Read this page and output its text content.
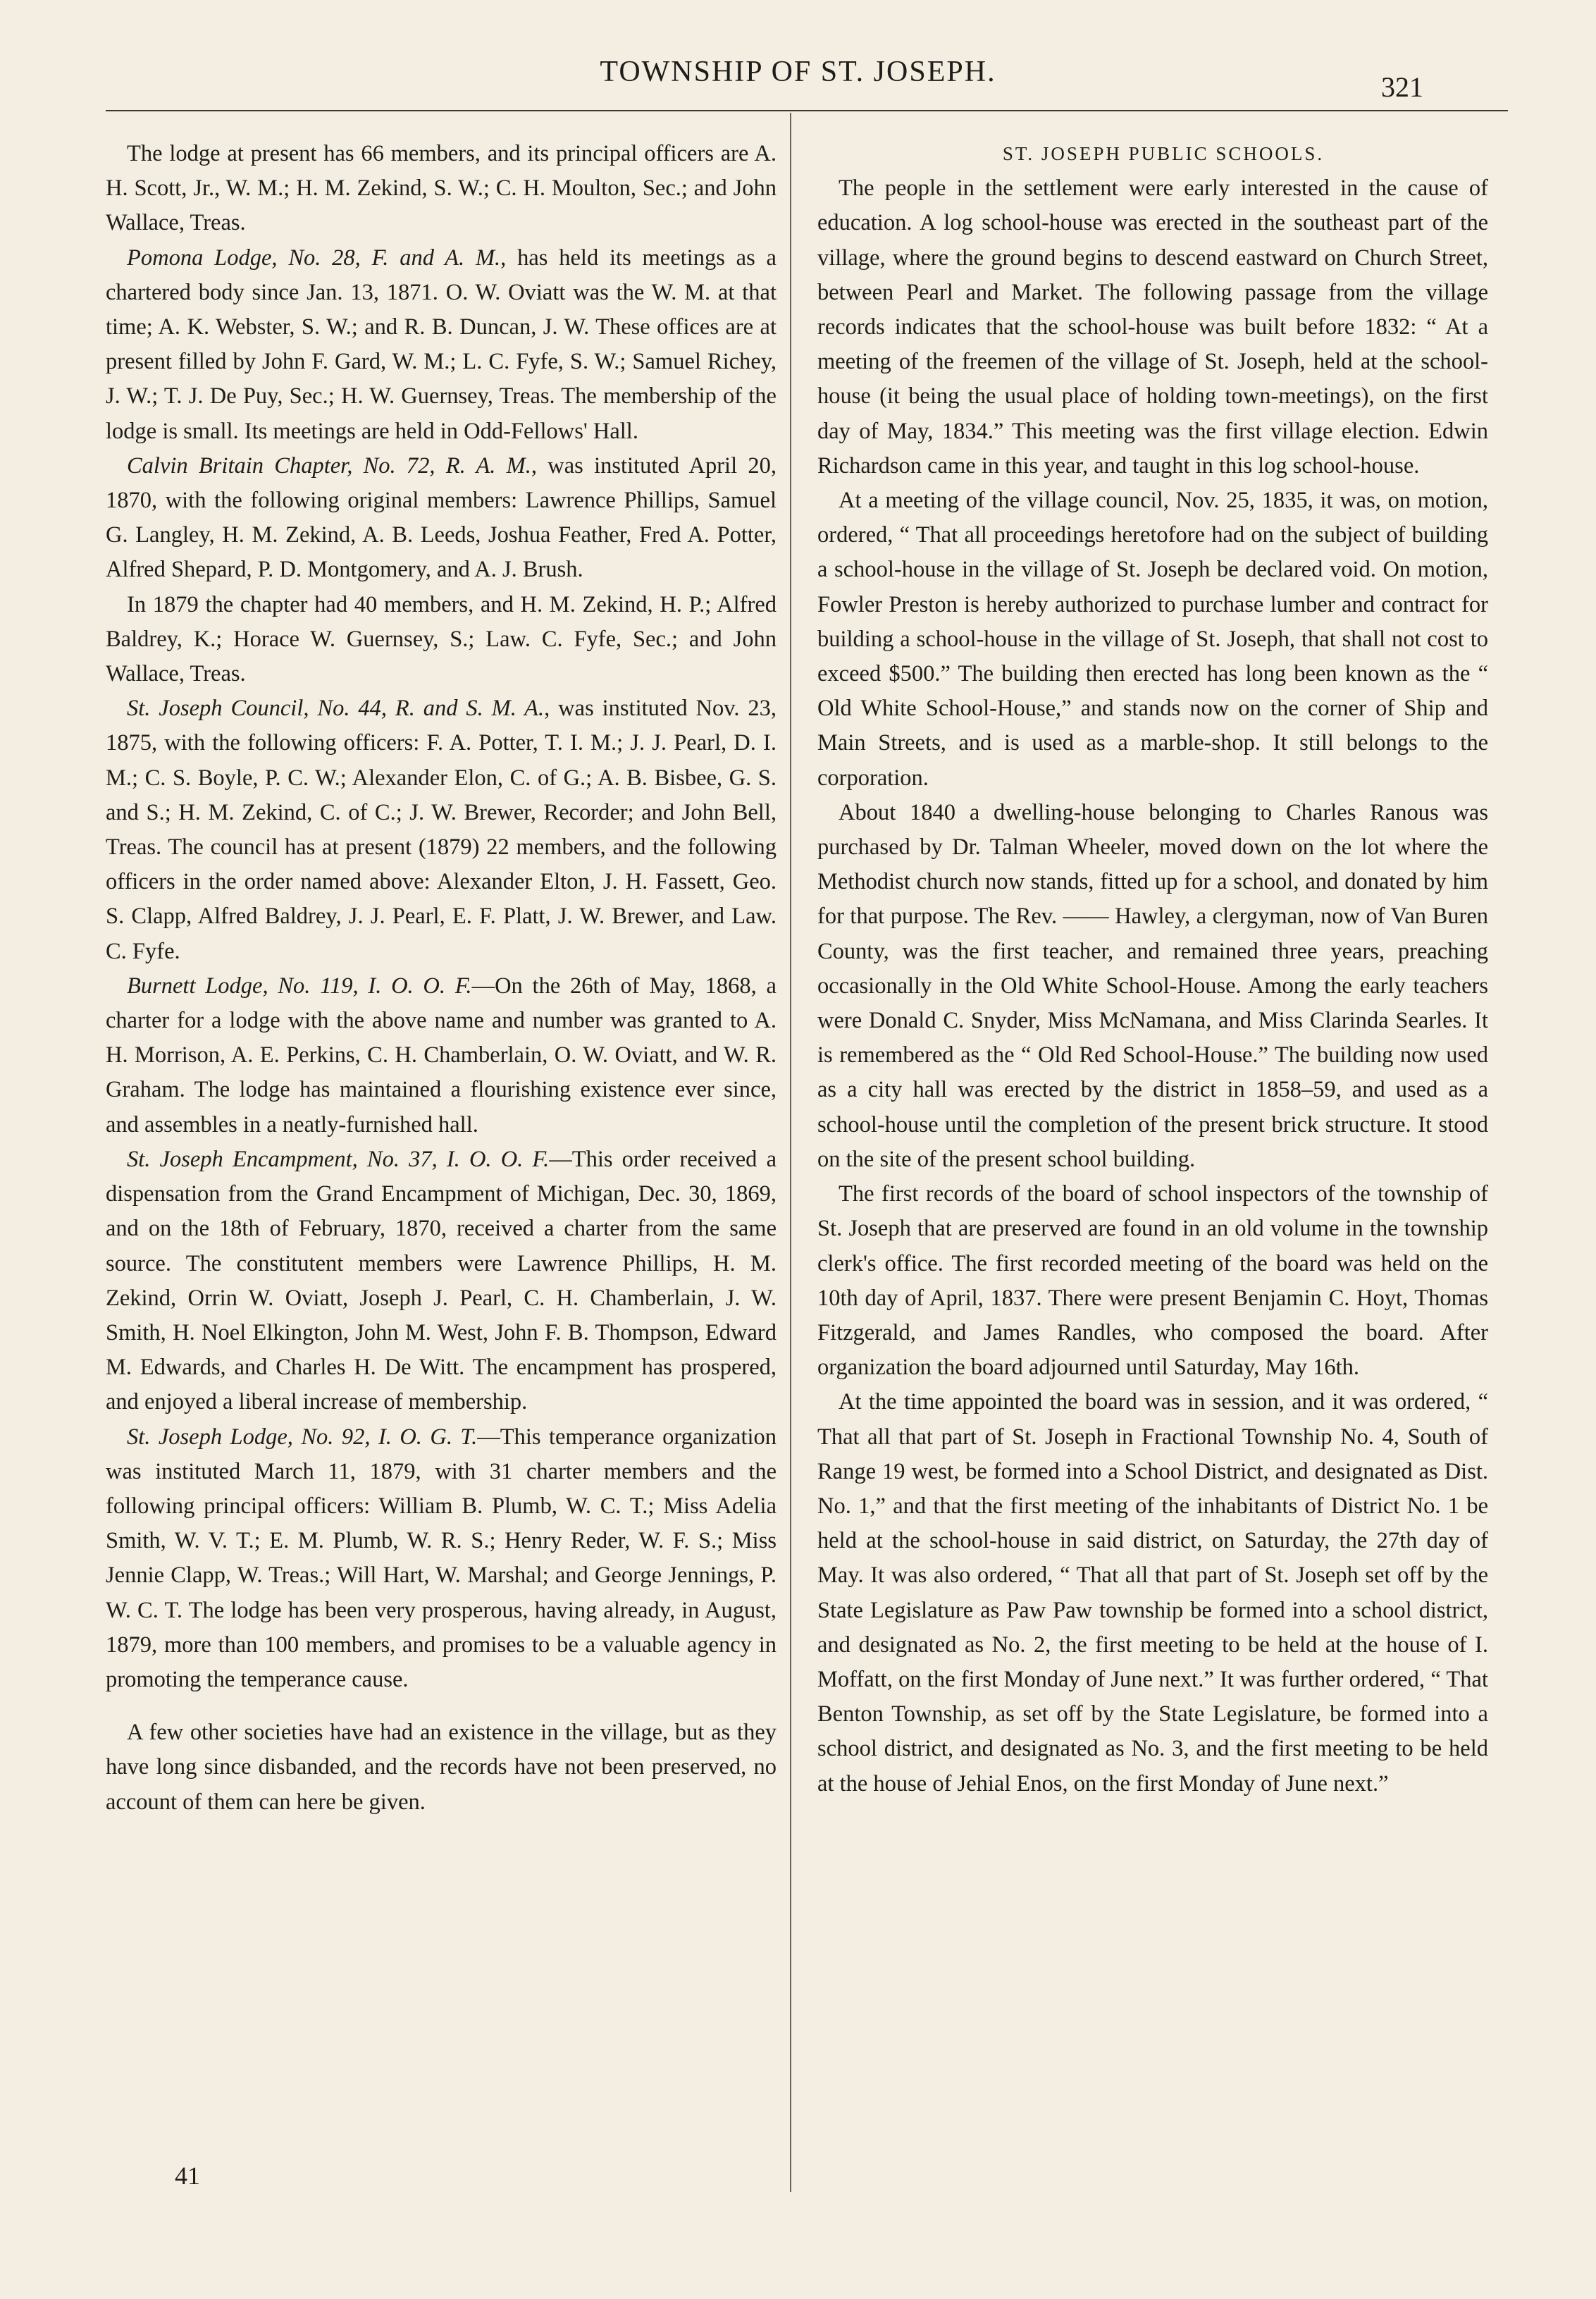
TOWNSHIP OF ST. JOSEPH.	321

The lodge at present has 66 members, and its principal officers are A. H. Scott, Jr., W. M.; H. M. Zekind, S. W.; C. H. Moulton, Sec.; and John Wallace, Treas.

Pomona Lodge, No. 28, F. and A. M., has held its meetings as a chartered body since Jan. 13, 1871. O. W. Oviatt was the W. M. at that time; A. K. Webster, S. W.; and R. B. Duncan, J. W. These offices are at present filled by John F. Gard, W. M.; L. C. Fyfe, S. W.; Samuel Richey, J. W.; T. J. De Puy, Sec.; H. W. Guernsey, Treas. The membership of the lodge is small. Its meetings are held in Odd-Fellows' Hall.

Calvin Britain Chapter, No. 72, R. A. M., was instituted April 20, 1870, with the following original members: Lawrence Phillips, Samuel G. Langley, H. M. Zekind, A. B. Leeds, Joshua Feather, Fred A. Potter, Alfred Shepard, P. D. Montgomery, and A. J. Brush.

In 1879 the chapter had 40 members, and H. M. Zekind, H. P.; Alfred Baldrey, K.; Horace W. Guernsey, S.; Law. C. Fyfe, Sec.; and John Wallace, Treas.

St. Joseph Council, No. 44, R. and S. M. A., was instituted Nov. 23, 1875, with the following officers: F. A. Potter, T. I. M.; J. J. Pearl, D. I. M.; C. S. Boyle, P. C. W.; Alexander Elon, C. of G.; A. B. Bisbee, G. S. and S.; H. M. Zekind, C. of C.; J. W. Brewer, Recorder; and John Bell, Treas. The council has at present (1879) 22 members, and the following officers in the order named above: Alexander Elton, J. H. Fassett, Geo. S. Clapp, Alfred Baldrey, J. J. Pearl, E. F. Platt, J. W. Brewer, and Law. C. Fyfe.

Burnett Lodge, No. 119, I. O. O. F.—On the 26th of May, 1868, a charter for a lodge with the above name and number was granted to A. H. Morrison, A. E. Perkins, C. H. Chamberlain, O. W. Oviatt, and W. R. Graham. The lodge has maintained a flourishing existence ever since, and assembles in a neatly-furnished hall.

St. Joseph Encampment, No. 37, I. O. O. F.—This order received a dispensation from the Grand Encampment of Michigan, Dec. 30, 1869, and on the 18th of February, 1870, received a charter from the same source. The constitutent members were Lawrence Phillips, H. M. Zekind, Orrin W. Oviatt, Joseph J. Pearl, C. H. Chamberlain, J. W. Smith, H. Noel Elkington, John M. West, John F. B. Thompson, Edward M. Edwards, and Charles H. De Witt. The encampment has prospered, and enjoyed a liberal increase of membership.

St. Joseph Lodge, No. 92, I. O. G. T.—This temperance organization was instituted March 11, 1879, with 31 charter members and the following principal officers: William B. Plumb, W. C. T.; Miss Adelia Smith, W. V. T.; E. M. Plumb, W. R. S.; Henry Reder, W. F. S.; Miss Jennie Clapp, W. Treas.; Will Hart, W. Marshal; and George Jennings, P. W. C. T. The lodge has been very prosperous, having already, in August, 1879, more than 100 members, and promises to be a valuable agency in promoting the temperance cause.

A few other societies have had an existence in the village, but as they have long since disbanded, and the records have not been preserved, no account of them can here be given.

ST. JOSEPH PUBLIC SCHOOLS.

The people in the settlement were early interested in the cause of education. A log school-house was erected in the southeast part of the village, where the ground begins to descend eastward on Church Street, between Pearl and Market. The following passage from the village records indicates that the school-house was built before 1832: “ At a meeting of the freemen of the village of St. Joseph, held at the school-house (it being the usual place of holding town-meetings), on the first day of May, 1834.” This meeting was the first village election. Edwin Richardson came in this year, and taught in this log school-house.

At a meeting of the village council, Nov. 25, 1835, it was, on motion, ordered, “ That all proceedings heretofore had on the subject of building a school-house in the village of St. Joseph be declared void. On motion, Fowler Preston is hereby authorized to purchase lumber and contract for building a school-house in the village of St. Joseph, that shall not cost to exceed $500.” The building then erected has long been known as the “ Old White School-House,” and stands now on the corner of Ship and Main Streets, and is used as a marble-shop. It still belongs to the corporation.

About 1840 a dwelling-house belonging to Charles Ranous was purchased by Dr. Talman Wheeler, moved down on the lot where the Methodist church now stands, fitted up for a school, and donated by him for that purpose. The Rev. —— Hawley, a clergyman, now of Van Buren County, was the first teacher, and remained three years, preaching occasionally in the Old White School-House. Among the early teachers were Donald C. Snyder, Miss McNamana, and Miss Clarinda Searles. It is remembered as the “ Old Red School-House.” The building now used as a city hall was erected by the district in 1858–59, and used as a school-house until the completion of the present brick structure. It stood on the site of the present school building.

The first records of the board of school inspectors of the township of St. Joseph that are preserved are found in an old volume in the township clerk's office. The first recorded meeting of the board was held on the 10th day of April, 1837. There were present Benjamin C. Hoyt, Thomas Fitzgerald, and James Randles, who composed the board. After organization the board adjourned until Saturday, May 16th.

At the time appointed the board was in session, and it was ordered, “ That all that part of St. Joseph in Fractional Township No. 4, South of Range 19 west, be formed into a School District, and designated as Dist. No. 1,” and that the first meeting of the inhabitants of District No. 1 be held at the school-house in said district, on Saturday, the 27th day of May. It was also ordered, “ That all that part of St. Joseph set off by the State Legislature as Paw Paw township be formed into a school district, and designated as No. 2, the first meeting to be held at the house of I. Moffatt, on the first Monday of June next.” It was further ordered, “ That Benton Township, as set off by the State Legislature, be formed into a school district, and designated as No. 3, and the first meeting to be held at the house of Jehial Enos, on the first Monday of June next.”

41
